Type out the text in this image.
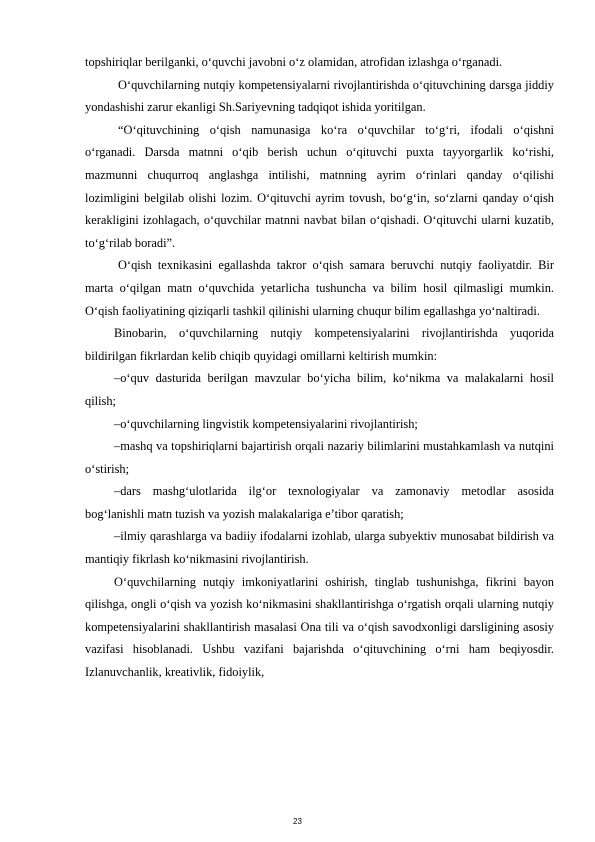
topshiriqlar berilganki, o‘quvchi javobni o‘z olamidan, atrofidan izlashga o‘rganadi.

O‘quvchilarning nutqiy kompetensiyalarni rivojlantirishda o‘qituvchining darsga jiddiy yondashishi zarur ekanligi Sh.Sariyevning tadqiqot ishida yoritilgan.

“O‘qituvchining o‘qish namunasiga ko‘ra o‘quvchilar to‘g‘ri, ifodali o‘qishni o‘rganadi. Darsda matnni o‘qib berish uchun o‘qituvchi puxta tayyorgarlik ko‘rishi, mazmunni chuqurroq anglashga intilishi, matnning ayrim o‘rinlari qanday o‘qilishi lozimligini belgilab olishi lozim. O‘qituvchi ayrim tovush, bo‘g‘in, so‘zlarni qanday o‘qish kerakligini izohlagach, o‘quvchilar matnni navbat bilan o‘qishadi. O‘qituvchi ularni kuzatib, to‘g‘rilab boradi”.

O‘qish texnikasini egallashda takror o‘qish samara beruvchi nutqiy faoliyatdir. Bir marta o‘qilgan matn o‘quvchida yetarlicha tushuncha va bilim hosil qilmasligi mumkin. O‘qish faoliyatining qiziqarli tashkil qilinishi ularning chuqur bilim egallashga yo‘naltiradi.

Binobarin, o‘quvchilarning nutqiy kompetensiyalarini rivojlantirishda yuqorida bildirilgan fikrlardan kelib chiqib quyidagi omillarni keltirish mumkin:

–o‘quv dasturida berilgan mavzular bo‘yicha bilim, ko‘nikma va malakalarni hosil qilish;

–o‘quvchilarning lingvistik kompetensiyalarini rivojlantirish;

–mashq va topshiriqlarni bajartirish orqali nazariy bilimlarini mustahkamlash va nutqini o‘stirish;

–dars mashg‘ulotlarida ilg‘or texnologiyalar va zamonaviy metodlar asosida bog‘lanishli matn tuzish va yozish malakalariga e’tibor qaratish;

–ilmiy qarashlarga va badiiy ifodalarni izohlab, ularga subyektiv munosabat bildirish va mantiqiy fikrlash ko‘nikmasini rivojlantirish.

O‘quvchilarning nutqiy imkoniyatlarini oshirish, tinglab tushunishga, fikrini bayon qilishga, ongli o‘qish va yozish ko‘nikmasini shakllantirishga o‘rgatish orqali ularning nutqiy kompetensiyalarini shakllantirish masalasi Ona tili va o‘qish savodxonligi darsligining asosiy vazifasi hisoblanadi. Ushbu vazifani bajarishda o‘qituvchining o‘rni ham beqiyosdir. Izlanuvchanlik, kreativlik, fidoiylik,

23
